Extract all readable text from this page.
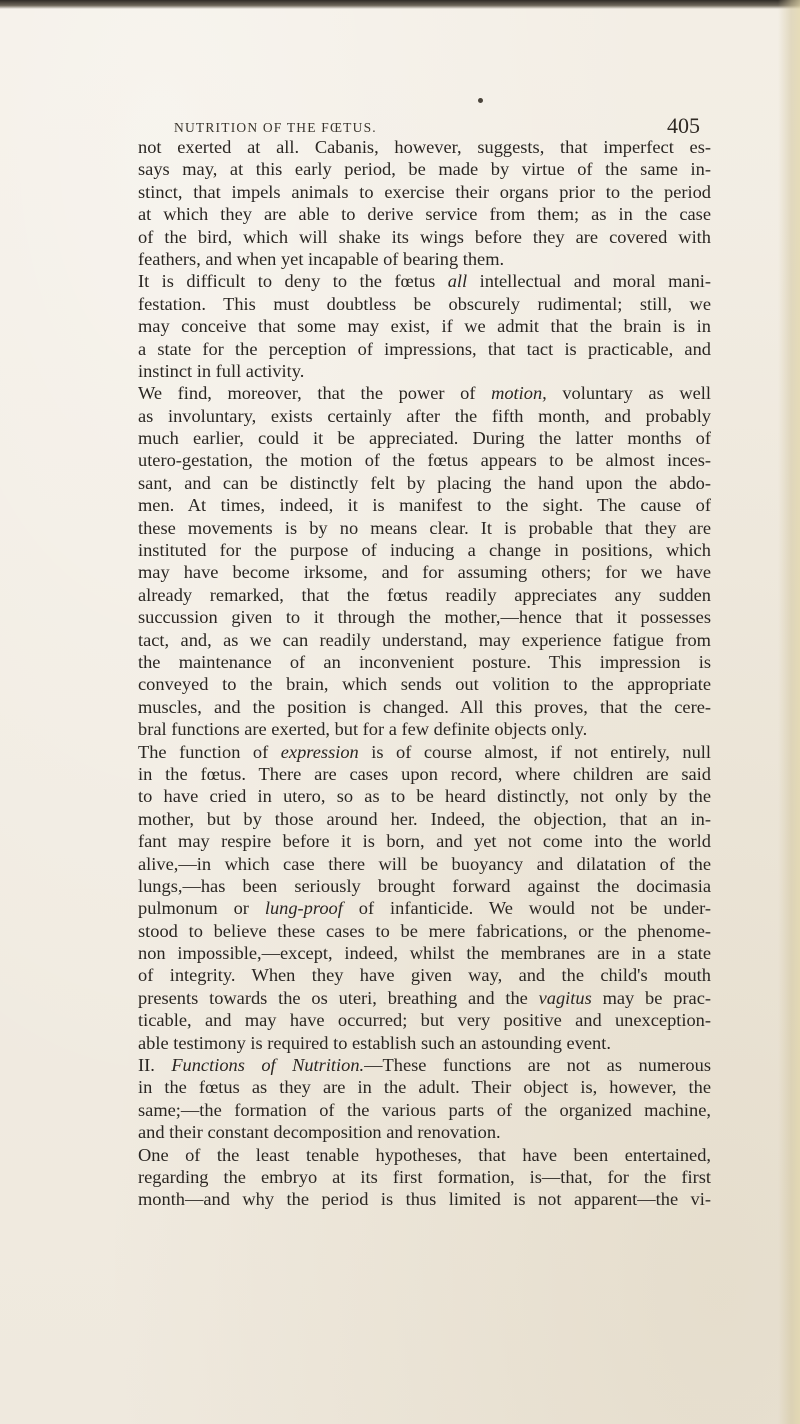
NUTRITION OF THE FŒTUS.	405
not exerted at all. Cabanis, however, suggests, that imperfect es-
says may, at this early period, be made by virtue of the same in-
stinct, that impels animals to exercise their organs prior to the period
at which they are able to derive service from them; as in the case
of the bird, which will shake its wings before they are covered with
feathers, and when yet incapable of bearing them.
It is difficult to deny to the fœtus all intellectual and moral mani-
festation. This must doubtless be obscurely rudimental; still, we
may conceive that some may exist, if we admit that the brain is in
a state for the perception of impressions, that tact is practicable, and
instinct in full activity.
We find, moreover, that the power of motion, voluntary as well
as involuntary, exists certainly after the fifth month, and probably
much earlier, could it be appreciated. During the latter months of
utero-gestation, the motion of the fœtus appears to be almost inces-
sant, and can be distinctly felt by placing the hand upon the abdo-
men. At times, indeed, it is manifest to the sight. The cause of
these movements is by no means clear. It is probable that they are
instituted for the purpose of inducing a change in positions, which
may have become irksome, and for assuming others; for we have
already remarked, that the fœtus readily appreciates any sudden
succussion given to it through the mother,—hence that it possesses
tact, and, as we can readily understand, may experience fatigue from
the maintenance of an inconvenient posture. This impression is
conveyed to the brain, which sends out volition to the appropriate
muscles, and the position is changed. All this proves, that the cere-
bral functions are exerted, but for a few definite objects only.
The function of expression is of course almost, if not entirely, null
in the fœtus. There are cases upon record, where children are said
to have cried in utero, so as to be heard distinctly, not only by the
mother, but by those around her. Indeed, the objection, that an in-
fant may respire before it is born, and yet not come into the world
alive,—in which case there will be buoyancy and dilatation of the
lungs,—has been seriously brought forward against the docimasia
pulmonum or lung-proof of infanticide. We would not be under-
stood to believe these cases to be mere fabrications, or the phenome-
non impossible,—except, indeed, whilst the membranes are in a state
of integrity. When they have given way, and the child's mouth
presents towards the os uteri, breathing and the vagitus may be prac-
ticable, and may have occurred; but very positive and unexception-
able testimony is required to establish such an astounding event.
II. Functions of Nutrition.—These functions are not as numerous
in the fœtus as they are in the adult. Their object is, however, the
same;—the formation of the various parts of the organized machine,
and their constant decomposition and renovation.
One of the least tenable hypotheses, that have been entertained,
regarding the embryo at its first formation, is—that, for the first
month—and why the period is thus limited is not apparent—the vi-
